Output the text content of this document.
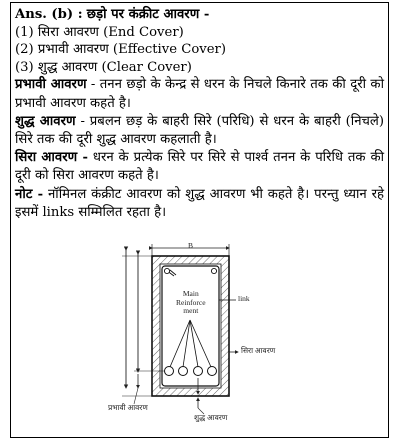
Ans. (b) : छड़ो पर कंक्रीट आवरण -
(1) सिरा आवरण (End Cover)
(2) प्रभावी आवरण (Effective Cover)
(3) शुद्ध आवरण (Clear Cover)
प्रभावी आवरण - तनन छड़ो के केन्द्र से धरन के निचले किनारे तक की दूरी को प्रभावी आवरण कहते है।
शुद्ध आवरण - प्रबलन छड़ के बाहरी सिरे (परिधि) से धरन के बाहरी (निचले) सिरे तक की दूरी शुद्ध आवरण कहलाती है।
सिरा आवरण - धरन के प्रत्येक सिरे पर सिरे से पार्श्व तनन के परिधि तक की दूरी को सिरा आवरण कहते है।
नोट - नॉमिनल कंक्रीट आवरण को शुद्ध आवरण भी कहते है। परन्तु ध्यान रहे इसमें links सम्मिलित रहता है।
B
Main
Reinforce
ment
link
सिरा आवरण
प्रभावी आवरण
शुद्ध आवरण
